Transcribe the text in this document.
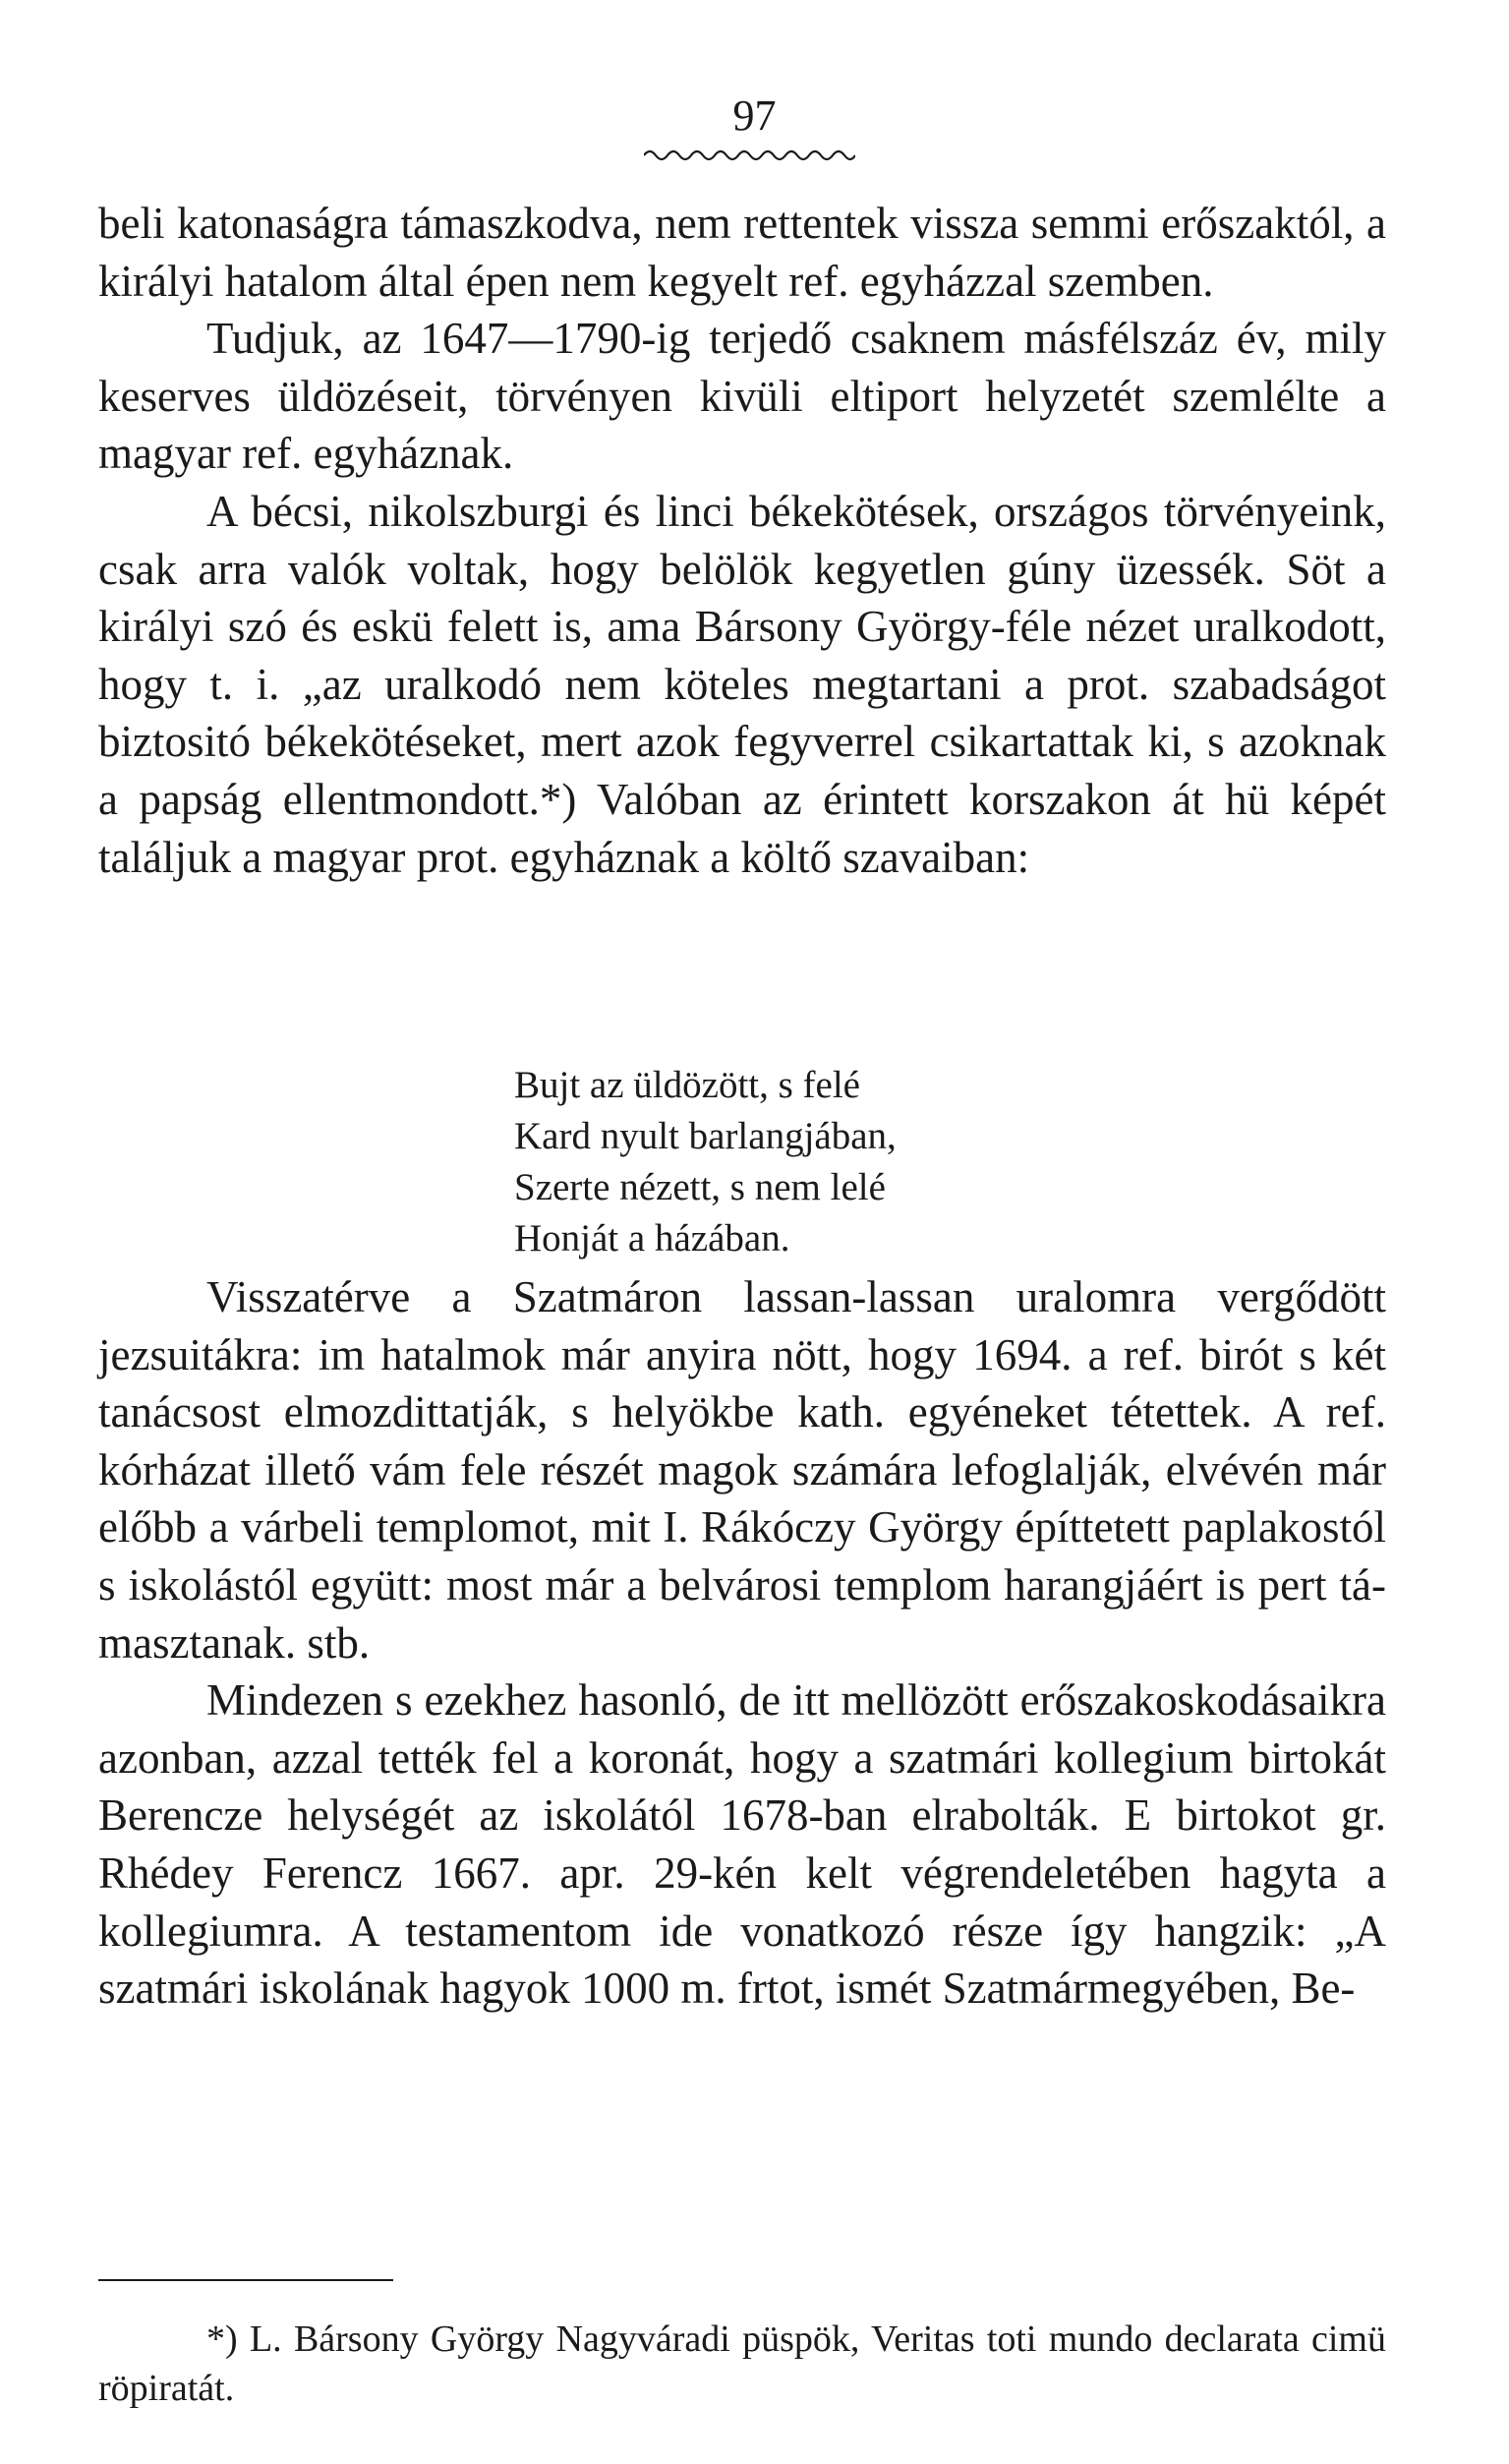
97

beli katonaságra támaszkodva, nem rettentek vissza semmi erőszaktól, a királyi hatalom által épen nem kegyelt ref. egyházzal szemben.

Tudjuk, az 1647—1790-ig terjedő csaknem másfélszáz év, mily keserves üldözéseit, törvényen kivüli eltiport helyzetét szemlélte a magyar ref. egyháznak.

A bécsi, nikolszburgi és linci békekötések, országos törvényeink, csak arra valók voltak, hogy belölök kegyetlen gúny üzessék. Söt a királyi szó és eskü felett is, ama Bársony György-féle nézet uralkodott, hogy t. i. „az uralkodó nem köteles megtartani a prot. szabadságot biztositó békekötéseket, mert azok fegyverrel csikartattak ki, s azoknak a papság ellentmondott.*) Valóban az érintett korszakon át hü képét találjuk a magyar prot. egyháznak a költő szavaiban:

Bujt az üldözött, s felé
Kard nyult barlangjában,
Szerte nézett, s nem lelé
Honját a házában.

Visszatérve a Szatmáron lassan-lassan uralomra vergődött jezsuitákra: im hatalmok már anyira nött, hogy 1694. a ref. birót s két tanácsost elmozdittatják, s helyökbe kath. egyéneket tétettek. A ref. kórházat illető vám fele részét magok számára lefoglalják, elvévén már előbb a várbeli templomot, mit I. Rákóczy György építtetett paplakostól s iskolástól együtt: most már a belvárosi templom harangjáért is pert támasztanak. stb.

Mindezen s ezekhez hasonló, de itt mellözött erőszakoskodásaikra azonban, azzal tették fel a koronát, hogy a szatmári kollegium birtokát Berencze helységét az iskolától 1678-ban elrabolták. E birtokot gr. Rhédey Ferencz 1667. apr. 29-kén kelt végrendeletében hagyta a kollegiumra. A testamentom ide vonatkozó része így hangzik: „A szatmári iskolának hagyok 1000 m. frtot, ismét Szatmármegyében, Be-

*) L. Bársony György Nagyváradi püspök, Veritas toti mundo declarata cimü röpiratát.
